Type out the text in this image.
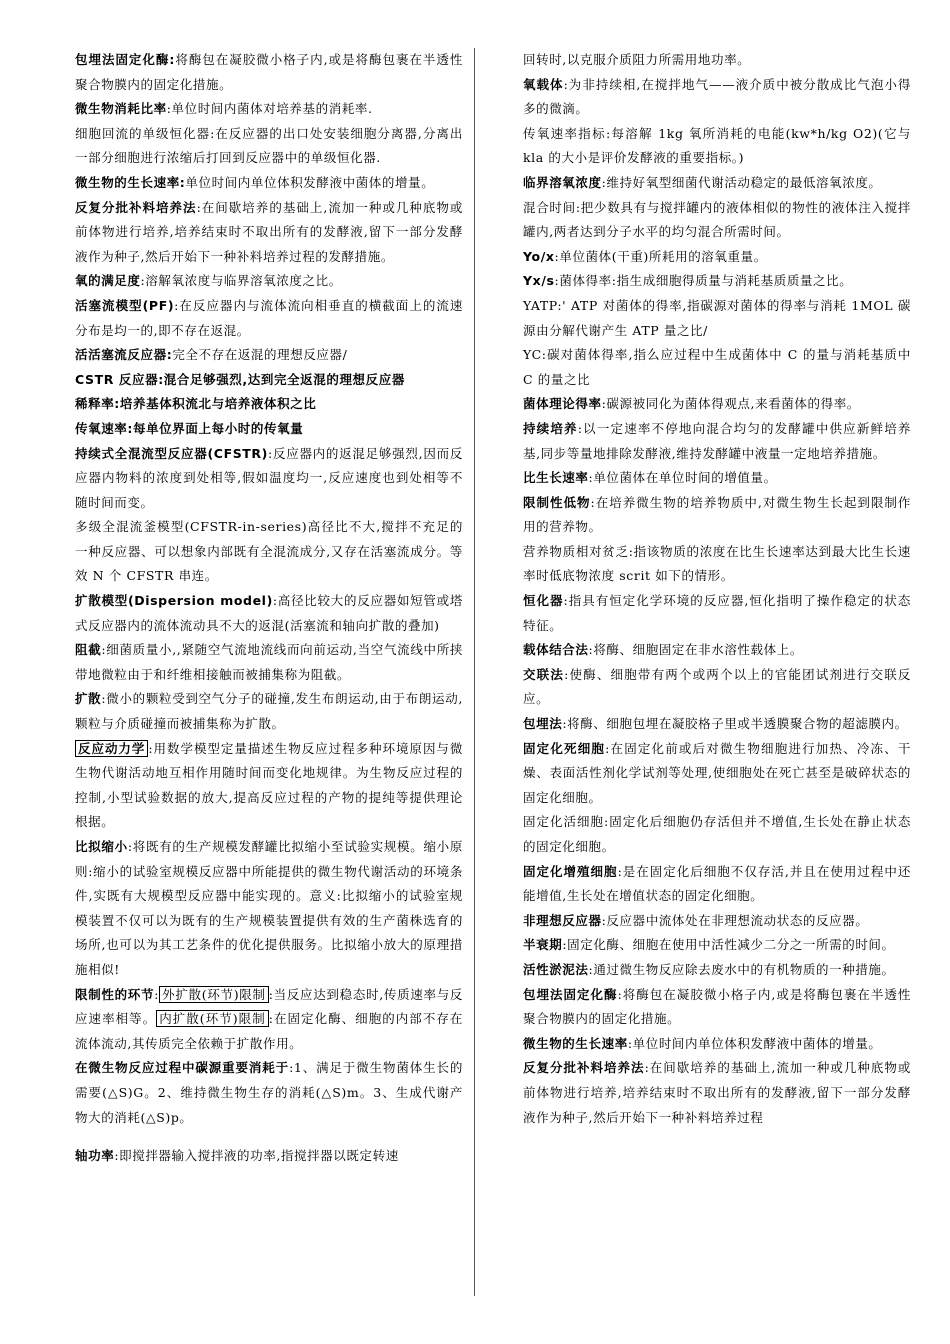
包埋法固定化酶:将酶包在凝胶微小格子内,或是将酶包裹在半透性聚合物膜内的固定化措施。

微生物消耗比率:单位时间内菌体对培养基的消耗率.

细胞回流的单级恒化器:在反应器的出口处安装细胞分离器,分离出一部分细胞进行浓缩后打回到反应器中的单级恒化器.

微生物的生长速率:单位时间内单位体积发酵液中菌体的增量。

反复分批补料培养法:在间歇培养的基础上,流加一种或几种底物或前体物进行培养,培养结束时不取出所有的发酵液,留下一部分发酵液作为种子,然后开始下一种补料培养过程的发酵措施。

氧的满足度:溶解氧浓度与临界溶氧浓度之比。

活塞流模型(PF):在反应器内与流体流向相垂直的横截面上的流速分布是均一的,即不存在返混。

活活塞流反应器:完全不存在返混的理想反应器/

CSTR 反应器:混合足够强烈,达到完全返混的理想反应器

稀释率:培养基体积流北与培养液体积之比

传氧速率:每单位界面上每小时的传氧量

持续式全混流型反应器(CFSTR):反应器内的返混足够强烈,因而反应器内物料的浓度到处相等,假如温度均一,反应速度也到处相等不随时间而变。

多级全混流釜模型(CFSTR-in-series)高径比不大,搅拌不充足的一种反应器、可以想象内部既有全混流成分,又存在活塞流成分。等效 N 个 CFSTR 串连。

扩散模型(Dispersion model):高径比较大的反应器如短管或塔式反应器内的流体流动具不大的返混(活塞流和轴向扩散的叠加)

阻截:细菌质量小,,紧随空气流地流线而向前运动,当空气流线中所挟带地微粒由于和纤维相接触而被捕集称为阻截。

扩散:微小的颗粒受到空气分子的碰撞,发生布朗运动,由于布朗运动,颗粒与介质碰撞而被捕集称为扩散。

反应动力学 :用数学模型定量描述生物反应过程多种环境原因与微生物代谢活动地互相作用随时间而变化地规律。为生物反应过程的控制,小型试验数据的放大,提高反应过程的产物的提纯等提供理论根据。

比拟缩小:将既有的生产规模发酵罐比拟缩小至试验实规模。缩小原则:缩小的试验室规模反应器中所能提供的微生物代谢活动的环境条件,实既有大规模型反应器中能实现的。意义:比拟缩小的试验室规模装置不仅可以为既有的生产规模装置提供有效的生产菌株选育的场所,也可以为其工艺条件的优化提供服务。比拟缩小放大的原理措施相似!

限制性的环节: 外扩散(环节)限制 :当反应达到稳态时,传质速率与反应速率相等。 内扩散(环节)限制 :在固定化酶、细胞的内部不存在流体流动,其传质完全依赖于扩散作用。

在微生物反应过程中碳源重要消耗于:1、满足于微生物菌体生长的需要(△S)G。2、维持微生物生存的消耗(△S)m。3、生成代谢产物大的消耗(△S)p。

轴功率:即搅拌器输入搅拌液的功率,指搅拌器以既定转速

回转时,以克服介质阻力所需用地功率。

氧载体:为非持续相,在搅拌地气——液介质中被分散成比气泡小得多的微滴。

传氧速率指标:每溶解 1kg 氧所消耗的电能(kw*h/kg O2)(它与 kla 的大小是评价发酵液的重要指标。)

临界溶氧浓度:维持好氧型细菌代谢活动稳定的最低溶氧浓度。

混合时间:把少数具有与搅拌罐内的液体相似的物性的液体注入搅拌罐内,两者达到分子水平的均匀混合所需时间。

Yo/x:单位菌体(干重)所耗用的溶氧重量。

Yx/s:菌体得率:指生成细胞得质量与消耗基质质量之比。

YATP:' ATP 对菌体的得率,指碳源对菌体的得率与消耗 1MOL 碳源由分解代谢产生 ATP 量之比/

YC:碳对菌体得率,指么应过程中生成菌体中 C 的量与消耗基质中 C 的量之比

菌体理论得率:碳源被同化为菌体得观点,来看菌体的得率。

持续培养:以一定速率不停地向混合均匀的发酵罐中供应新鲜培养基,同步等量地排除发酵液,维持发酵罐中液量一定地培养措施。

比生长速率:单位菌体在单位时间的增值量。

限制性低物:在培养微生物的培养物质中,对微生物生长起到限制作用的营养物。

营养物质相对贫乏:指该物质的浓度在比生长速率达到最大比生长速率时低底物浓度 scrit 如下的情形。

恒化器:指具有恒定化学环境的反应器,恒化指明了操作稳定的状态特征。

载体结合法:将酶、细胞固定在非水溶性载体上。

交联法:使酶、细胞带有两个或两个以上的官能团试剂进行交联反应。

包埋法:将酶、细胞包埋在凝胶格子里或半透膜聚合物的超滤膜内。

固定化死细胞:在固定化前或后对微生物细胞进行加热、冷冻、干燥、表面活性剂化学试剂等处理,使细胞处在死亡甚至是破碎状态的固定化细胞。

固定化活细胞:固定化后细胞仍存活但并不增值,生长处在静止状态的固定化细胞。

固定化增殖细胞:是在固定化后细胞不仅存活,并且在使用过程中还能增值,生长处在增值状态的固定化细胞。

非理想反应器:反应器中流体处在非理想流动状态的反应器。

半衰期:固定化酶、细胞在使用中活性减少二分之一所需的时间。

活性淤泥法:通过微生物反应除去废水中的有机物质的一种措施。

包埋法固定化酶:将酶包在凝胶微小格子内,或是将酶包裹在半透性聚合物膜内的固定化措施。

微生物的生长速率:单位时间内单位体积发酵液中菌体的增量。

反复分批补料培养法:在间歇培养的基础上,流加一种或几种底物或前体物进行培养,培养结束时不取出所有的发酵液,留下一部分发酵液作为种子,然后开始下一种补料培养过程
